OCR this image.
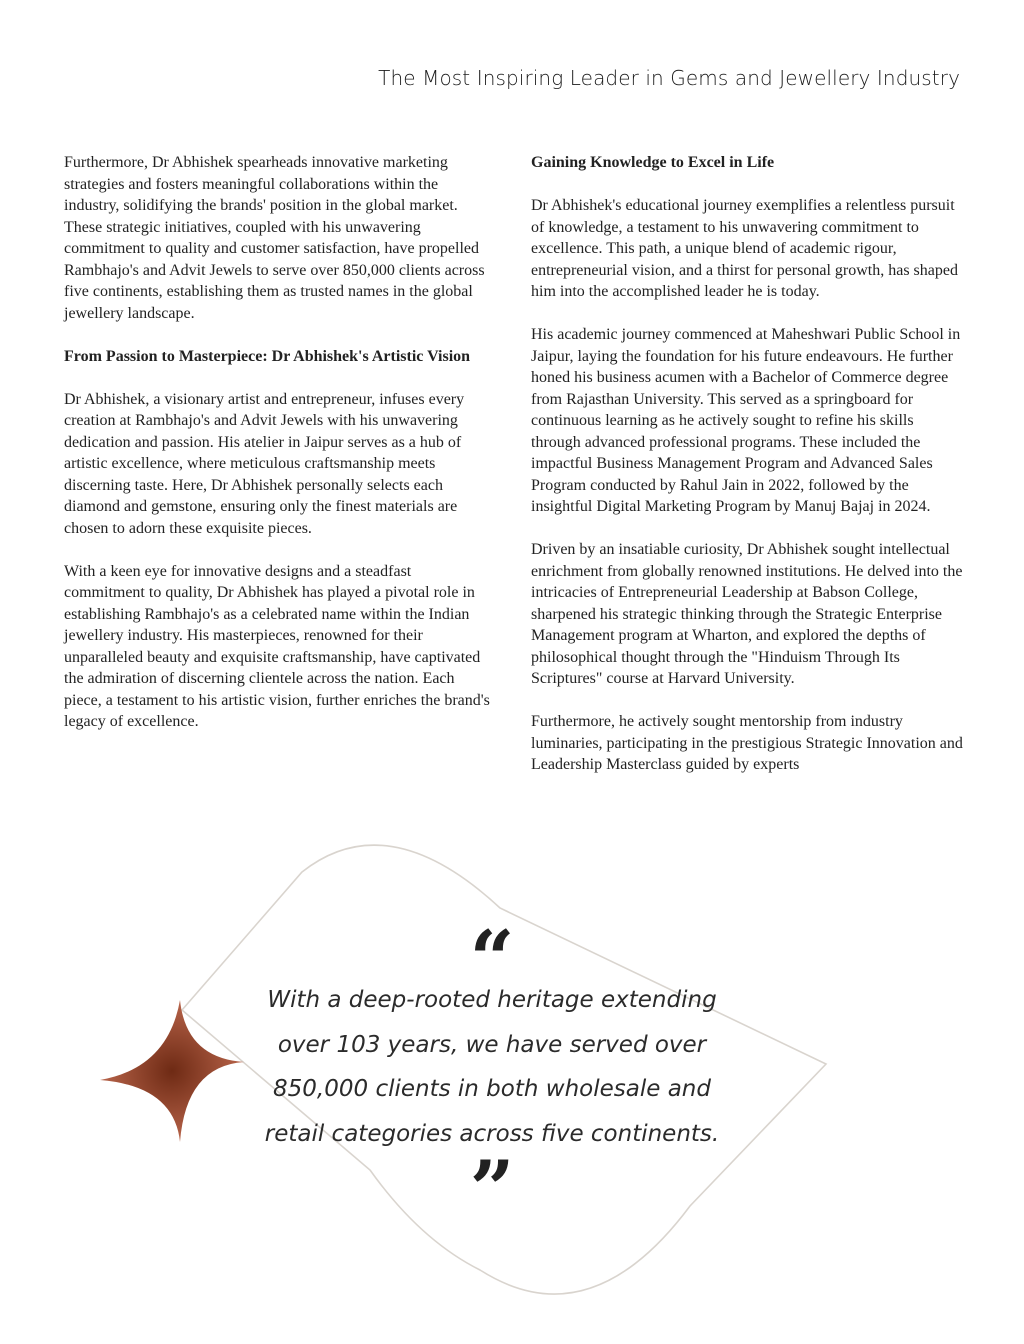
The Most Inspiring Leader in Gems and Jewellery Industry

Furthermore, Dr Abhishek spearheads innovative marketing strategies and fosters meaningful collaborations within the industry, solidifying the brands' position in the global market. These strategic initiatives, coupled with his unwavering commitment to quality and customer satisfaction, have propelled Rambhajo's and Advit Jewels to serve over 850,000 clients across five continents, establishing them as trusted names in the global jewellery landscape.

From Passion to Masterpiece: Dr Abhishek's Artistic Vision

Dr Abhishek, a visionary artist and entrepreneur, infuses every creation at Rambhajo's and Advit Jewels with his unwavering dedication and passion. His atelier in Jaipur serves as a hub of artistic excellence, where meticulous craftsmanship meets discerning taste. Here, Dr Abhishek personally selects each diamond and gemstone, ensuring only the finest materials are chosen to adorn these exquisite pieces.

With a keen eye for innovative designs and a steadfast commitment to quality, Dr Abhishek has played a pivotal role in establishing Rambhajo's as a celebrated name within the Indian jewellery industry. His masterpieces, renowned for their unparalleled beauty and exquisite craftsmanship, have captivated the admiration of discerning clientele across the nation. Each piece, a testament to his artistic vision, further enriches the brand's legacy of excellence.

Gaining Knowledge to Excel in Life

Dr Abhishek's educational journey exemplifies a relentless pursuit of knowledge, a testament to his unwavering commitment to excellence. This path, a unique blend of academic rigour, entrepreneurial vision, and a thirst for personal growth, has shaped him into the accomplished leader he is today.

His academic journey commenced at Maheshwari Public School in Jaipur, laying the foundation for his future endeavours. He further honed his business acumen with a Bachelor of Commerce degree from Rajasthan University. This served as a springboard for continuous learning as he actively sought to refine his skills through advanced professional programs. These included the impactful Business Management Program and Advanced Sales Program conducted by Rahul Jain in 2022, followed by the insightful Digital Marketing Program by Manuj Bajaj in 2024.

Driven by an insatiable curiosity, Dr Abhishek sought intellectual enrichment from globally renowned institutions. He delved into the intricacies of Entrepreneurial Leadership at Babson College, sharpened his strategic thinking through the Strategic Enterprise Management program at Wharton, and explored the depths of philosophical thought through the "Hinduism Through Its Scriptures" course at Harvard University.

Furthermore, he actively sought mentorship from industry luminaries, participating in the prestigious Strategic Innovation and Leadership Masterclass guided by experts

“

With a deep-rooted heritage extending over 103 years, we have served over 850,000 clients in both wholesale and retail categories across five continents.

”
